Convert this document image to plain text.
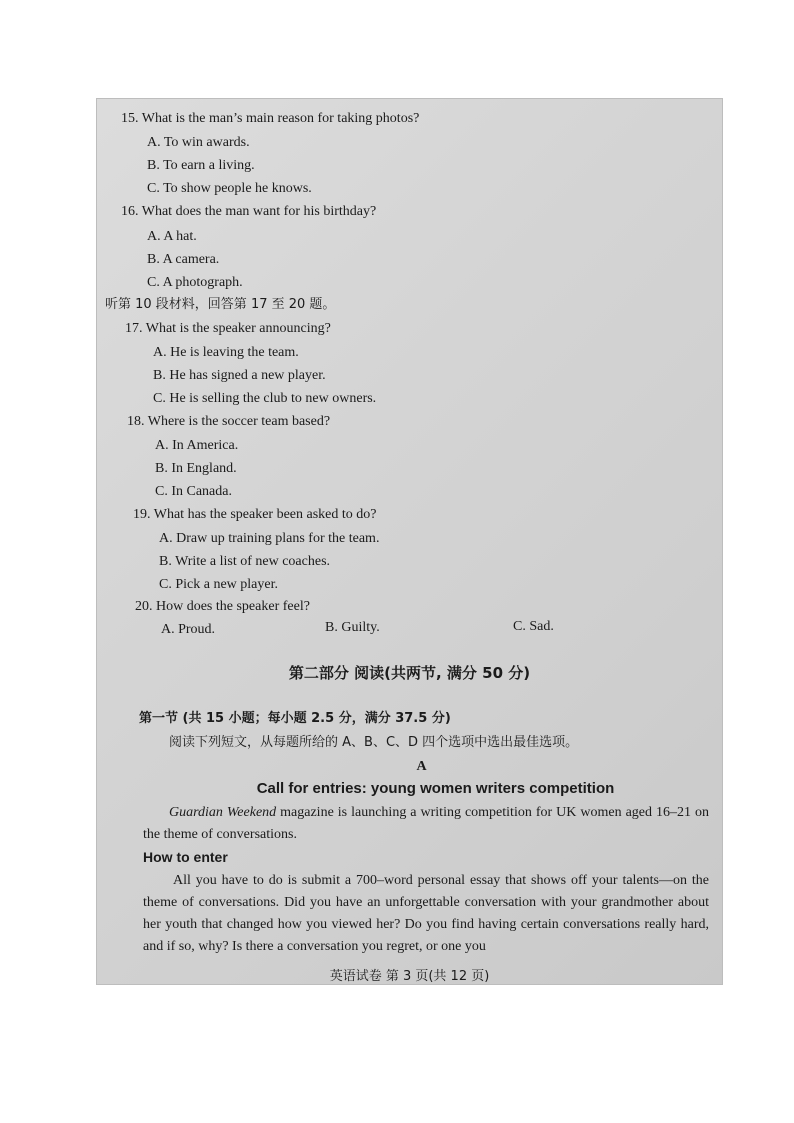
15. What is the man’s main reason for taking photos?
A. To win awards.
B. To earn a living.
C. To show people he knows.
16. What does the man want for his birthday?
A. A hat.
B. A camera.
C. A photograph.
听第 10 段材料，回答第 17 至 20 题。
17. What is the speaker announcing?
A. He is leaving the team.
B. He has signed a new player.
C. He is selling the club to new owners.
18. Where is the soccer team based?
A. In America.
B. In England.
C. In Canada.
19. What has the speaker been asked to do?
A. Draw up training plans for the team.
B. Write a list of new coaches.
C. Pick a new player.
20. How does the speaker feel?
A. Proud.	B. Guilty.	C. Sad.
第二部分 阅读(共两节, 满分 50 分)
第一节 (共 15 小题；每小题 2.5 分，满分 37.5 分)
阅读下列短文，从每题所给的 A、B、C、D 四个选项中选出最佳选项。
A
Call for entries: young women writers competition
Guardian Weekend magazine is launching a writing competition for UK women aged 16–21 on the theme of conversations.
How to enter
All you have to do is submit a 700–word personal essay that shows off your talents—on the theme of conversations. Did you have an unforgettable conversation with your grandmother about her youth that changed how you viewed her? Do you find having certain conversations really hard, and if so, why? Is there a conversation you regret, or one you
英语试卷 第 3 页(共 12 页)
